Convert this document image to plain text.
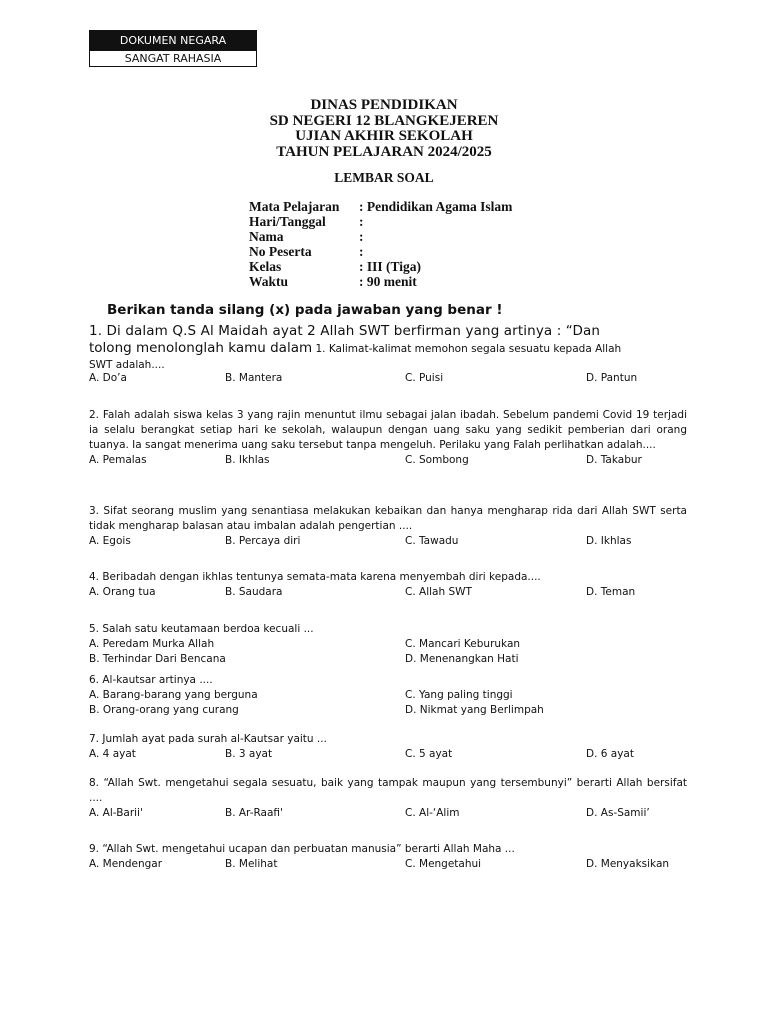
DOKUMEN NEGARA
SANGAT RAHASIA
DINAS PENDIDIKAN
SD NEGERI 12 BLANGKEJEREN
UJIAN AKHIR SEKOLAH
TAHUN PELAJARAN 2024/2025
LEMBAR SOAL
Mata Pelajaran	: Pendidikan Agama Islam
Hari/Tanggal	:
Nama	:
No Peserta	:
Kelas	: III (Tiga)
Waktu	: 90 menit
Berikan tanda silang (x) pada jawaban yang benar !
1. Di dalam Q.S Al Maidah ayat 2 Allah SWT berfirman yang artinya : “Dan
tolong menolonglah kamu dalam 1. Kalimat-kalimat memohon segala sesuatu kepada Allah
SWT adalah....
A. Do’a	B. Mantera	C. Puisi	D. Pantun
2. Falah adalah siswa kelas 3 yang rajin menuntut ilmu sebagai jalan ibadah. Sebelum pandemi Covid 19 terjadi ia selalu berangkat setiap hari ke sekolah, walaupun dengan uang saku yang sedikit pemberian dari orang tuanya. Ia sangat menerima uang saku tersebut tanpa mengeluh. Perilaku yang Falah perlihatkan adalah....
A. Pemalas	B. Ikhlas	C. Sombong	D. Takabur
3. Sifat seorang muslim yang senantiasa melakukan kebaikan dan hanya mengharap rida dari Allah SWT serta tidak mengharap balasan atau imbalan adalah pengertian ....
A. Egois	B. Percaya diri	C. Tawadu	D. Ikhlas
4. Beribadah dengan ikhlas tentunya semata-mata karena menyembah diri kepada....
A. Orang tua	B. Saudara	C. Allah SWT	D. Teman
5. Salah satu keutamaan berdoa kecuali ...
A. Peredam Murka Allah	C. Mancari Keburukan
B. Terhindar Dari Bencana	D. Menenangkan Hati
6. Al-kautsar artinya ....
A. Barang-barang yang berguna	C. Yang paling tinggi
B. Orang-orang yang curang	D. Nikmat yang Berlimpah
7. Jumlah ayat pada surah al-Kautsar yaitu ...
A. 4 ayat	B. 3 ayat	C. 5 ayat	D. 6 ayat
8. “Allah Swt. mengetahui segala sesuatu, baik yang tampak maupun yang tersembunyi” berarti Allah bersifat ....
A. Al-Barii'	B. Ar-Raafi'	C. Al-‘Alim	D. As-Samii’
9. “Allah Swt. mengetahui ucapan dan perbuatan manusia” berarti Allah Maha ...
A. Mendengar	B. Melihat	C. Mengetahui	D. Menyaksikan
